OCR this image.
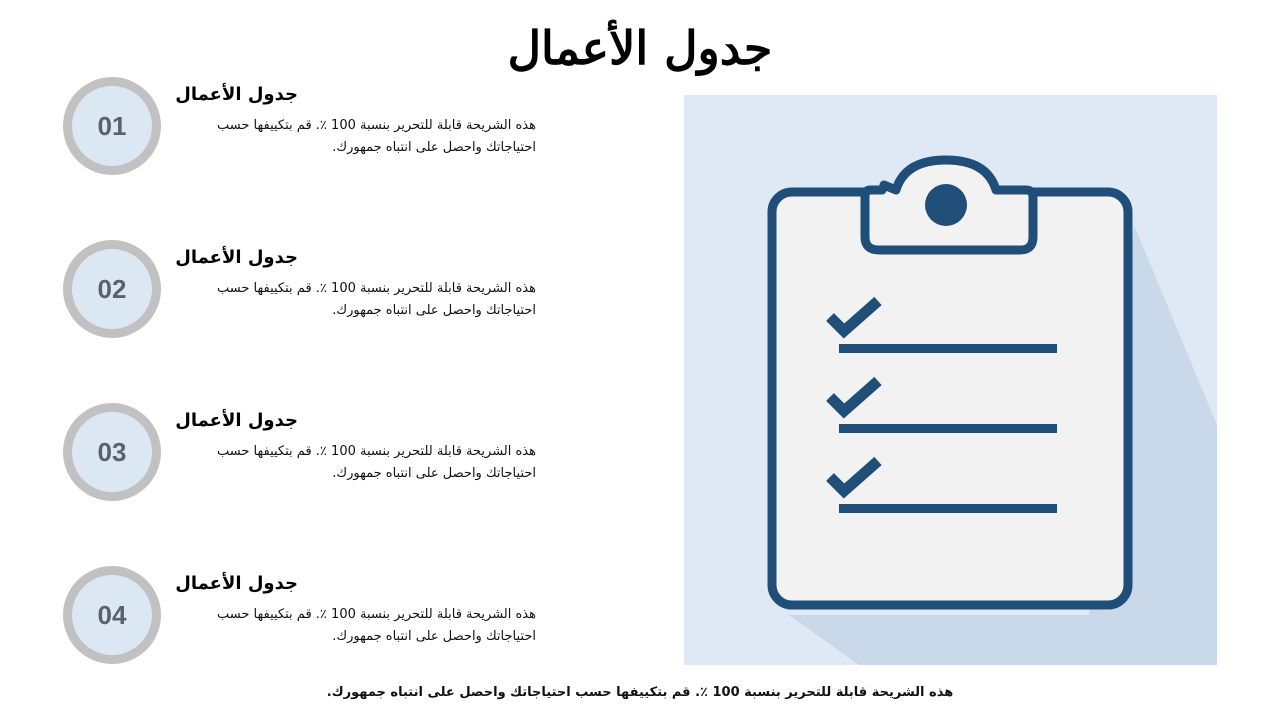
جدول الأعمال
01
جدول الأعمال
هذه الشريحة قابلة للتحرير بنسبة 100 ٪. قم بتكييفها حسب احتياجاتك واحصل على انتباه جمهورك.
02
جدول الأعمال
هذه الشريحة قابلة للتحرير بنسبة 100 ٪. قم بتكييفها حسب احتياجاتك واحصل على انتباه جمهورك.
03
جدول الأعمال
هذه الشريحة قابلة للتحرير بنسبة 100 ٪. قم بتكييفها حسب احتياجاتك واحصل على انتباه جمهورك.
04
جدول الأعمال
هذه الشريحة قابلة للتحرير بنسبة 100 ٪. قم بتكييفها حسب احتياجاتك واحصل على انتباه جمهورك.
هذه الشريحة قابلة للتحرير بنسبة 100 ٪. قم بتكييفها حسب احتياجاتك واحصل على انتباه جمهورك.
